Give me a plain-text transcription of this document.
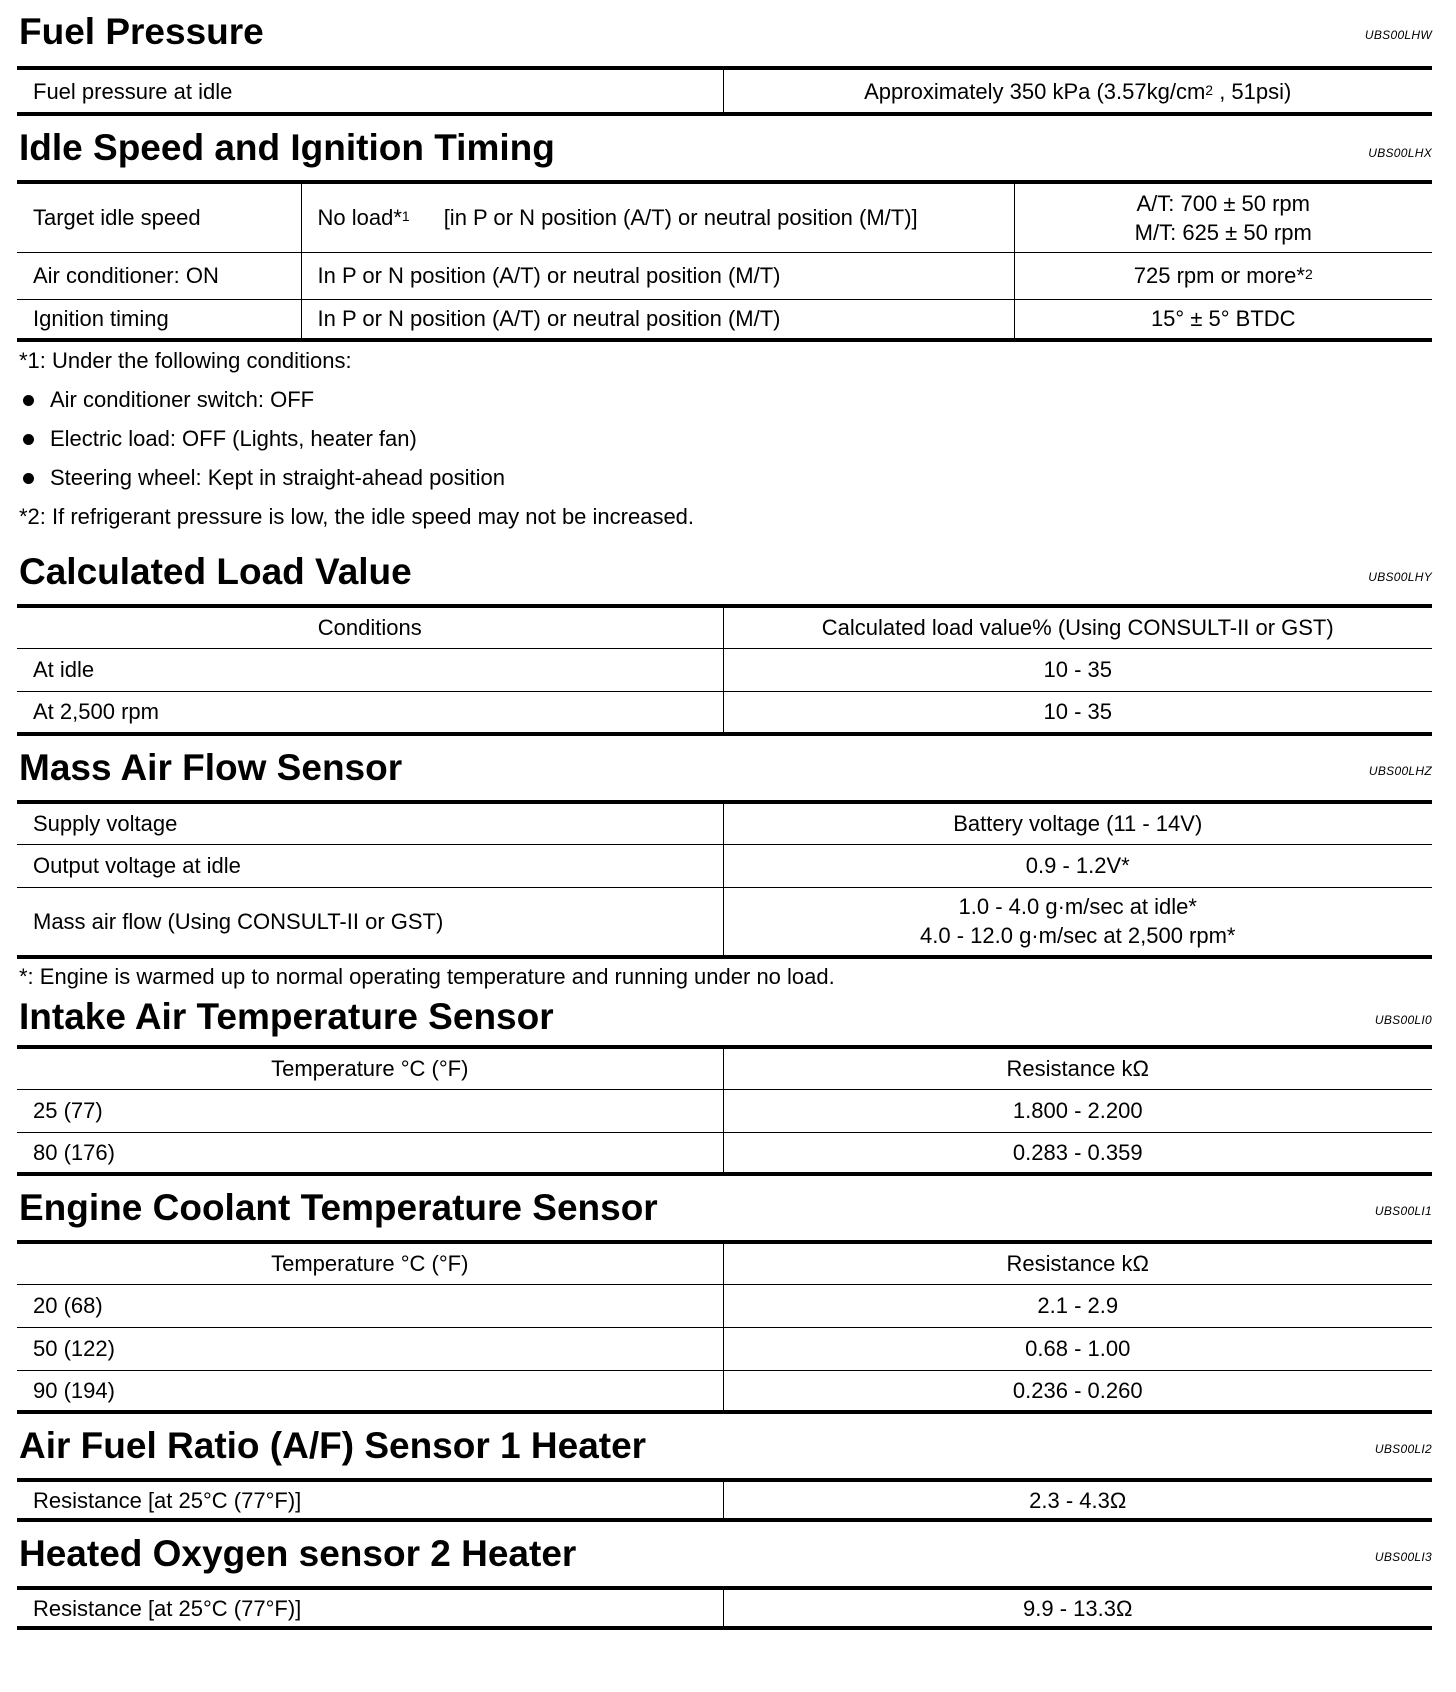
Fuel Pressure	UBS00LHW
Fuel pressure at idle	Approximately 350 kPa ($3.57kg/cm^2$ , 51psi)
Idle Speed and Ignition Timing	UBS00LHX
Target idle speed	No load*$^1$ [in P or N position (A/T) or neutral position (M/T)]	A/T: 700 ± 50 rpm
M/T: 625 ± 50 rpm

Air conditioner: ON	In P or N position (A/T) or neutral position (M/T)	725 rpm or more*$^2$
Ignition timing	In P or N position (A/T) or neutral position (M/T)	15° ± 5° BTDC
*1: Under the following conditions:
Air conditioner switch: OFF
Electric load: OFF (Lights, heater fan)
Steering wheel: Kept in straight-ahead position
*2: If refrigerant pressure is low, the idle speed may not be increased.
Calculated Load Value	UBS00LHY
Conditions	Calculated load value% (Using CONSULT-II or GST)
At idle	10 - 35
At 2,500 rpm	10 - 35
Mass Air Flow Sensor	UBS00LHZ
Supply voltage	Battery voltage (11 - 14V)
Output voltage at idle	0.9 - 1.2V*
Mass air flow (Using CONSULT-II or GST)	1.0 - 4.0 g·m/sec at idle*
4.0 - 12.0 g·m/sec at 2,500 rpm*
*: Engine is warmed up to normal operating temperature and running under no load.
Intake Air Temperature Sensor	UBS00LI0
Temperature °C (°F)	Resistance kΩ
25 (77)	1.800 - 2.200
80 (176)	0.283 - 0.359
Engine Coolant Temperature Sensor	UBS00LI1
Temperature °C (°F)	Resistance kΩ
20 (68)	2.1 - 2.9
50 (122)	0.68 - 1.00
90 (194)	0.236 - 0.260
Air Fuel Ratio (A/F) Sensor 1 Heater	UBS00LI2
Resistance [at 25°C (77°F)]	2.3 - 4.3Ω
Heated Oxygen sensor 2 Heater	UBS00LI3
Resistance [at 25°C (77°F)]	9.9 - 13.3Ω
